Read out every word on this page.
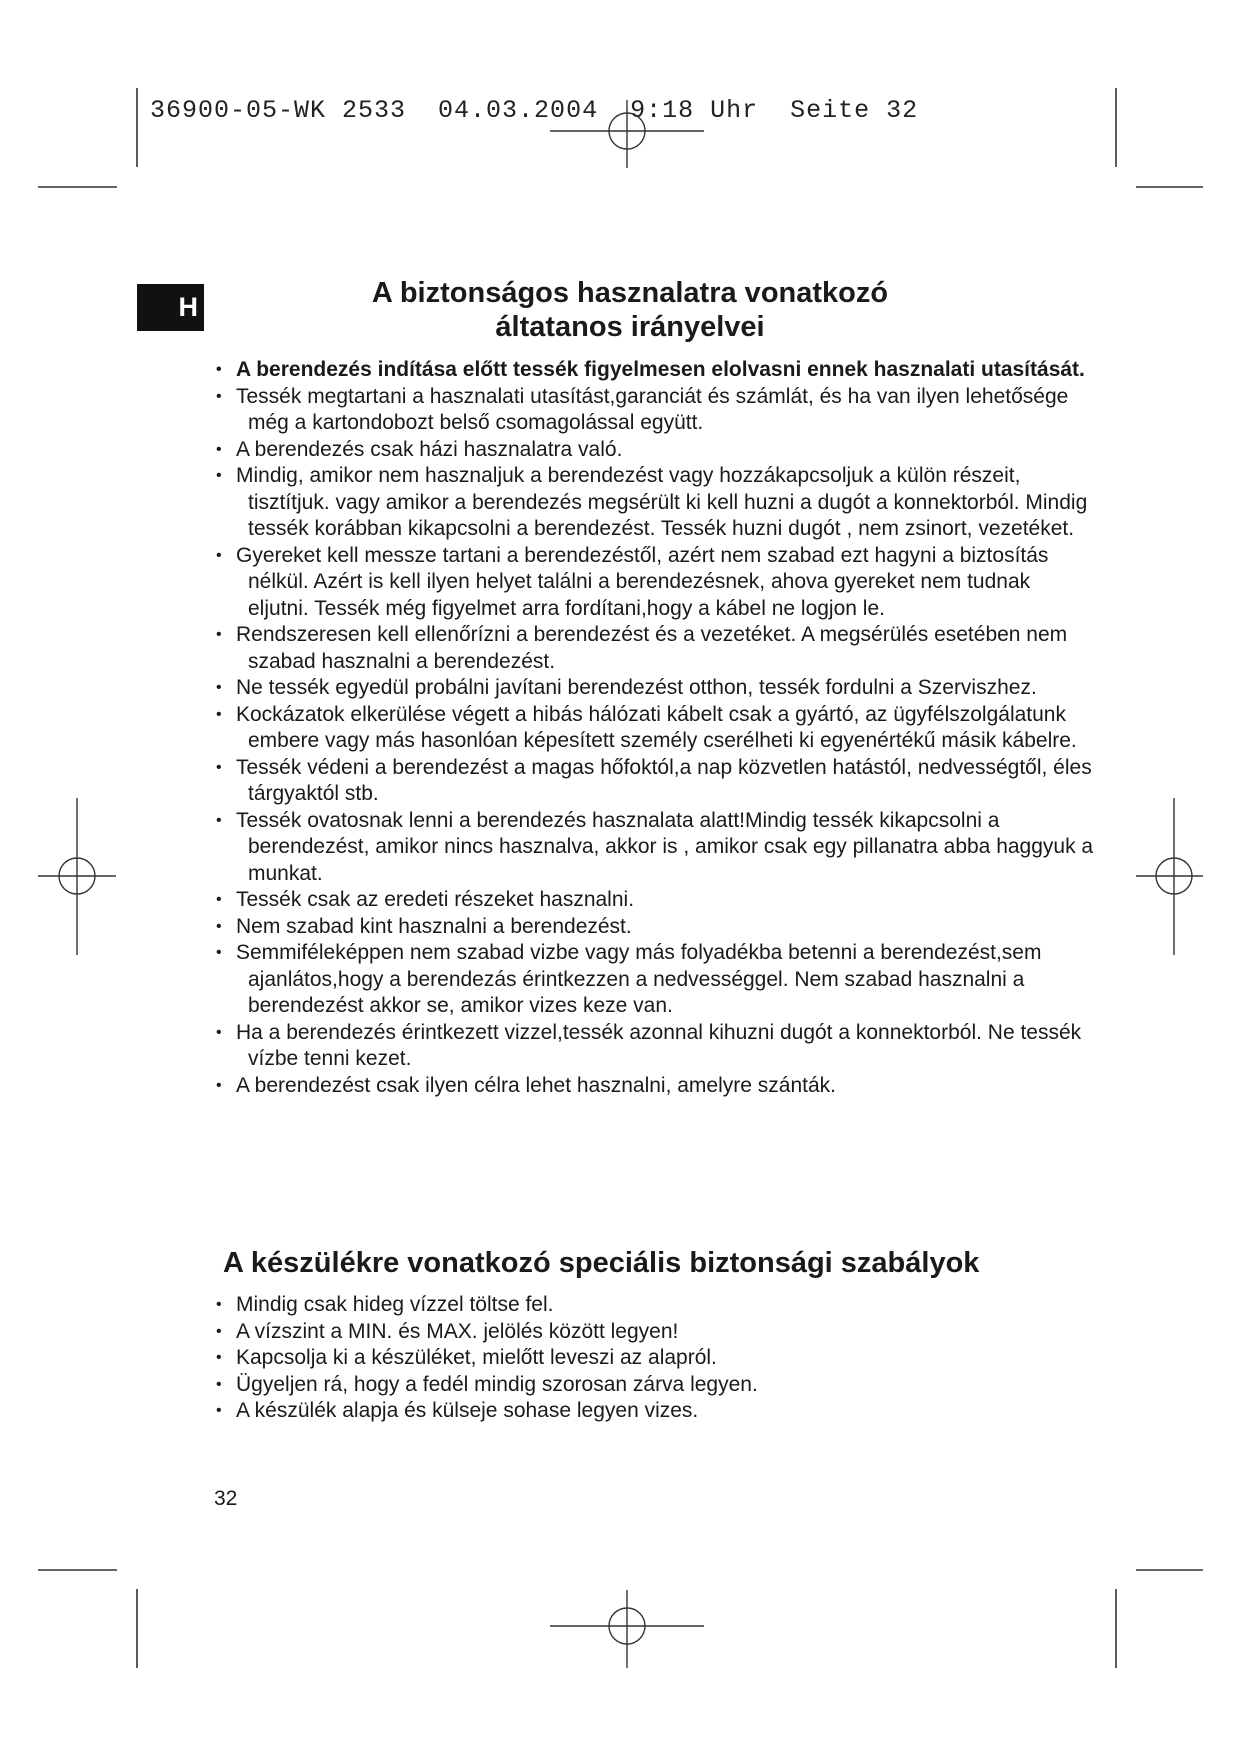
36900-05-WK 2533  04.03.2004  9:18 Uhr  Seite 32
H	A biztonságos hasznalatra vonatkozó
áltatanos irányelvei
• A berendezés indítása előtt tessék figyelmesen elolvasni ennek hasznalati utasítását.
• Tessék megtartani a hasznalati utasítást,garanciát és számlát, és ha van ilyen lehetősége még a kartondobozt belső csomagolással együtt.
• A berendezés csak házi hasznalatra való.
• Mindig, amikor nem hasznaljuk a berendezést vagy hozzákapcsoljuk a külön részeit, tisztítjuk. vagy amikor a berendezés megsérült ki kell huzni a dugót a konnektorból. Mindig tessék korábban kikapcsolni a berendezést. Tessék huzni dugót , nem zsinort, vezetéket.
• Gyereket kell messze tartani a berendezéstől, azért nem szabad ezt hagyni a biztosítás nélkül. Azért is kell ilyen helyet találni a berendezésnek, ahova gyereket nem tudnak eljutni. Tessék még figyelmet arra fordítani,hogy a kábel ne logjon le.
• Rendszeresen kell ellenőrízni a berendezést és a vezetéket. A megsérülés esetében nem szabad hasznalni a berendezést.
• Ne tessék egyedül probálni javítani berendezést otthon, tessék fordulni a Szerviszhez.
• Kockázatok elkerülése végett a hibás hálózati kábelt csak a gyártó, az ügyfélszolgálatunk embere vagy más hasonlóan képesített személy cserélheti ki egyenértékű másik kábelre.
• Tessék védeni a berendezést a magas hőfoktól,a nap közvetlen hatástól, nedvességtől, éles tárgyaktól stb.
• Tessék ovatosnak lenni a berendezés hasznalata alatt!Mindig tessék kikapcsolni a berendezést, amikor nincs hasznalva, akkor is , amikor csak egy pillanatra abba haggyuk a munkat.
• Tessék csak az eredeti részeket hasznalni.
• Nem szabad kint hasznalni a berendezést.
• Semmiféleképpen nem szabad vizbe vagy más folyadékba betenni a berendezést,sem ajanlátos,hogy a berendezás érintkezzen a nedvességgel. Nem szabad hasznalni a berendezést akkor se, amikor vizes keze van.
• Ha a berendezés érintkezett vizzel,tessék azonnal kihuzni dugót a konnektorból. Ne tessék vízbe tenni kezet.
• A berendezést csak ilyen célra lehet hasznalni, amelyre szánták.
A készülékre vonatkozó speciális biztonsági szabályok
• Mindig csak hideg vízzel töltse fel.
• A vízszint a MIN. és MAX. jelölés között legyen!
• Kapcsolja ki a készüléket, mielőtt leveszi az alapról.
• Ügyeljen rá, hogy a fedél mindig szorosan zárva legyen.
• A készülék alapja és külseje sohase legyen vizes.
32
